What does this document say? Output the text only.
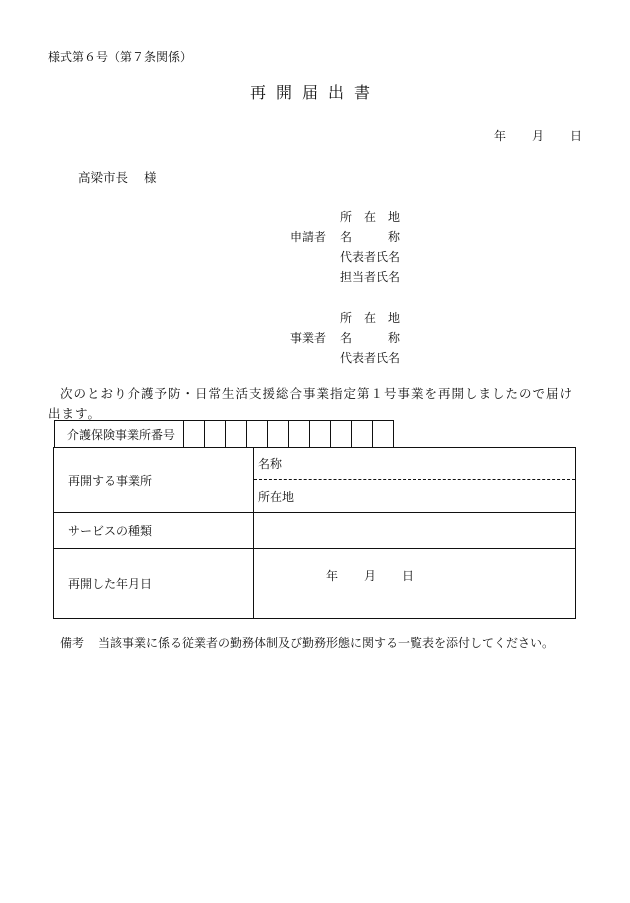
様式第６号（第７条関係）
再開届出書
年 月 日
高梁市長 様
所　在　地
申請者	名　　　称
代表者氏名
担当者氏名
所　在　地
事業者	名　　　称
代表者氏名
次のとおり介護予防・日常生活支援総合事業指定第１号事業を再開しましたので届け出ます。
介護保険事業所番号
再開する事業所	名称
所在地

サービスの種類	
再開した年月日	年 月 日
備考 当該事業に係る従業者の勤務体制及び勤務形態に関する一覧表を添付してください。
